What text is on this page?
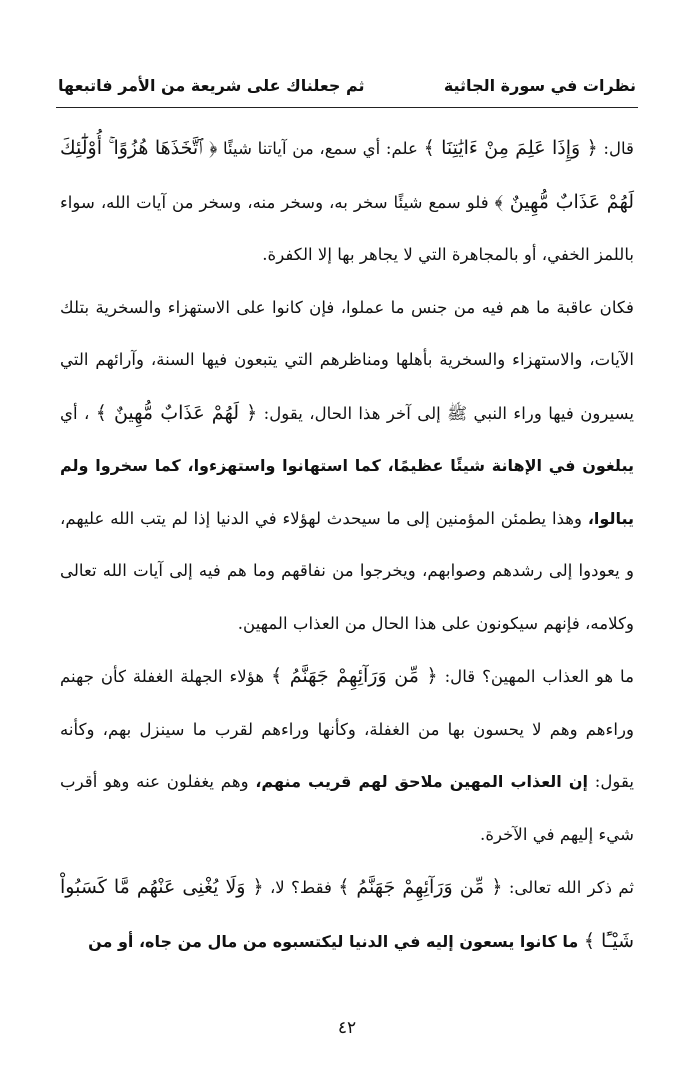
نظرات في سورة الجاثية
ثم جعلناك على شريعة من الأمر فاتبعها

قال: ﴿ وَإِذَا عَلِمَ مِنْ ءَايَٰتِنَا ﴾ علم: أي سمع، من آياتنا شيئًا ﴿ ٱتَّخَذَهَا هُزُوًا ۚ أُوْلَٰٓئِكَ لَهُمْ عَذَابٌ مُّهِينٌ ﴾ فلو سمع شيئًا سخر به، وسخر منه، وسخر من آيات الله، سواء باللمز الخفي، أو بالمجاهرة التي لا يجاهر بها إلا الكفرة.

فكان عاقبة ما هم فيه من جنس ما عملوا، فإن كانوا على الاستهزاء والسخرية بتلك الآيات، والاستهزاء والسخرية بأهلها ومناظرهم التي يتبعون فيها السنة، وآرائهم التي يسيرون فيها وراء النبي ﷺ إلى آخر هذا الحال، يقول: ﴿ لَهُمْ عَذَابٌ مُّهِينٌ ﴾ ، أي يبلغون في الإهانة شيئًا عظيمًا، كما استهانوا واستهزءوا، كما سخروا ولم يبالوا، وهذا يطمئن المؤمنين إلى ما سيحدث لهؤلاء في الدنيا إذا لم يتب الله عليهم، و يعودوا إلى رشدهم وصوابهم، ويخرجوا من نفاقهم وما هم فيه إلى آيات الله تعالى وكلامه، فإنهم سيكونون على هذا الحال من العذاب المهين.

ما هو العذاب المهين؟ قال: ﴿ مِّن وَرَآئِهِمْ جَهَنَّمُ ﴾ هؤلاء الجهلة الغفلة كأن جهنم وراءهم وهم لا يحسون بها من الغفلة، وكأنها وراءهم لقرب ما سينزل بهم، وكأنه يقول: إن العذاب المهين ملاحق لهم قريب منهم، وهم يغفلون عنه وهو أقرب شيء إليهم في الآخرة.

ثم ذكر الله تعالى: ﴿ مِّن وَرَآئِهِمْ جَهَنَّمُ ﴾ فقط؟ لا، ﴿ وَلَا يُغْنِى عَنْهُم مَّا كَسَبُواْ شَيْـًٔا ﴾ ما كانوا يسعون إليه في الدنيا ليكتسبوه من مال من جاه، أو من

٤٢
